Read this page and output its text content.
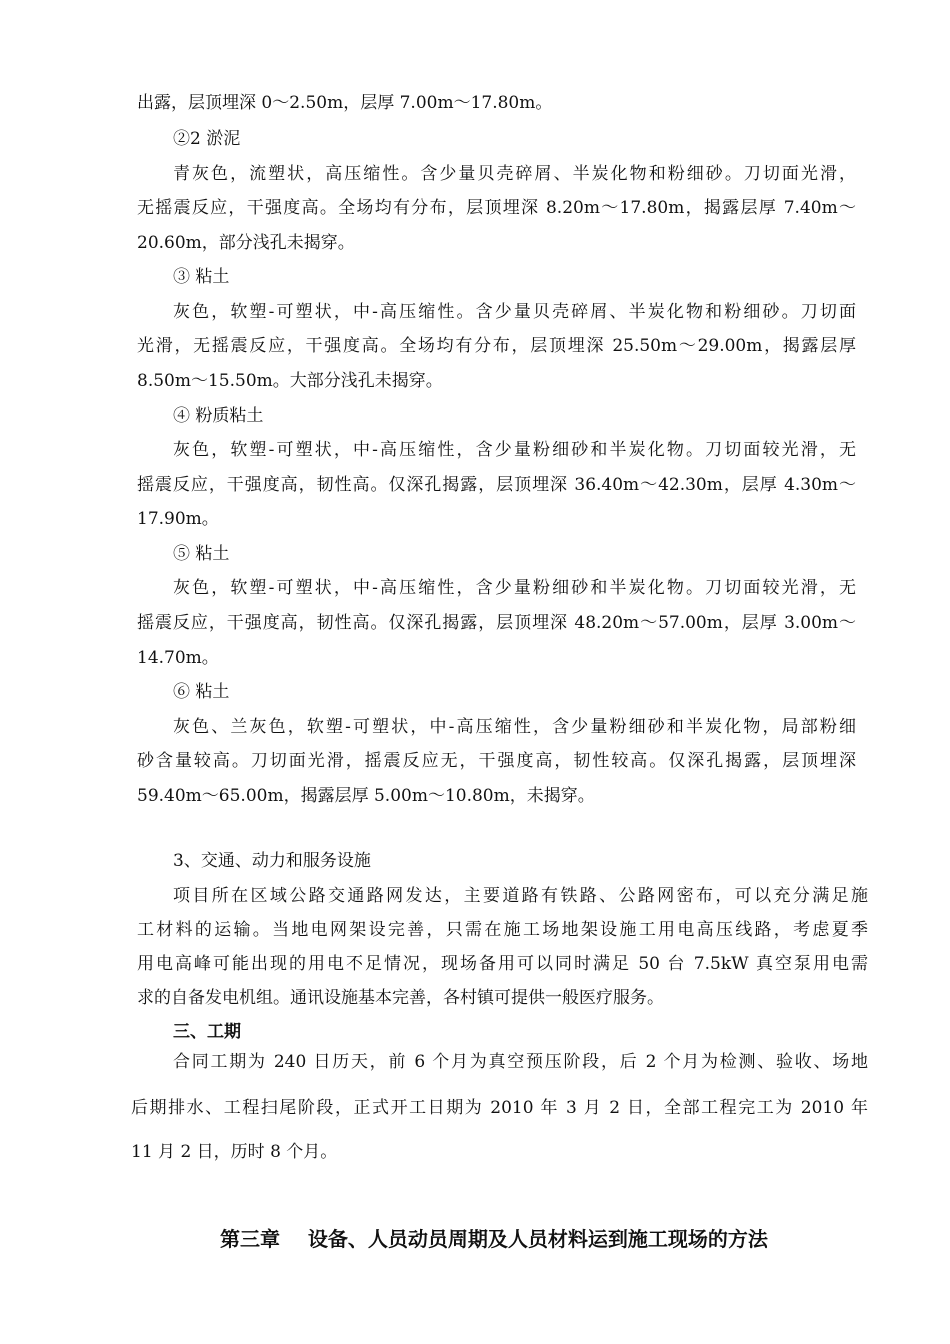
出露，层顶埋深 0～2.50m，层厚 7.00m～17.80m。
②2 淤泥
青灰色，流塑状，高压缩性。含少量贝壳碎屑、半炭化物和粉细砂。刀切面光滑，
无摇震反应，干强度高。全场均有分布，层顶埋深 8.20m～17.80m，揭露层厚 7.40m～
20.60m，部分浅孔未揭穿。
③ 粘土
灰色，软塑-可塑状，中-高压缩性。含少量贝壳碎屑、半炭化物和粉细砂。刀切面
光滑，无摇震反应，干强度高。全场均有分布，层顶埋深 25.50m～29.00m，揭露层厚
8.50m～15.50m。大部分浅孔未揭穿。
④ 粉质粘土
灰色，软塑-可塑状，中-高压缩性，含少量粉细砂和半炭化物。刀切面较光滑，无
摇震反应，干强度高，韧性高。仅深孔揭露，层顶埋深 36.40m～42.30m，层厚 4.30m～
17.90m。
⑤ 粘土
灰色，软塑-可塑状，中-高压缩性，含少量粉细砂和半炭化物。刀切面较光滑，无
摇震反应，干强度高，韧性高。仅深孔揭露，层顶埋深 48.20m～57.00m，层厚 3.00m～
14.70m。
⑥ 粘土
灰色、兰灰色，软塑-可塑状，中-高压缩性，含少量粉细砂和半炭化物，局部粉细
砂含量较高。刀切面光滑，摇震反应无，干强度高，韧性较高。仅深孔揭露，层顶埋深
59.40m～65.00m，揭露层厚 5.00m～10.80m，未揭穿。
3、交通、动力和服务设施
项目所在区域公路交通路网发达，主要道路有铁路、公路网密布，可以充分满足施
工材料的运输。当地电网架设完善，只需在施工场地架设施工用电高压线路，考虑夏季
用电高峰可能出现的用电不足情况，现场备用可以同时满足 50 台 7.5kW 真空泵用电需
求的自备发电机组。通讯设施基本完善，各村镇可提供一般医疗服务。
三、工期
合同工期为 240 日历天，前 6 个月为真空预压阶段，后 2 个月为检测、验收、场地
后期排水、工程扫尾阶段，正式开工日期为 2010 年 3 月 2 日，全部工程完工为 2010 年
11 月 2 日，历时 8 个月。
第三章    设备、人员动员周期及人员材料运到施工现场的方法
